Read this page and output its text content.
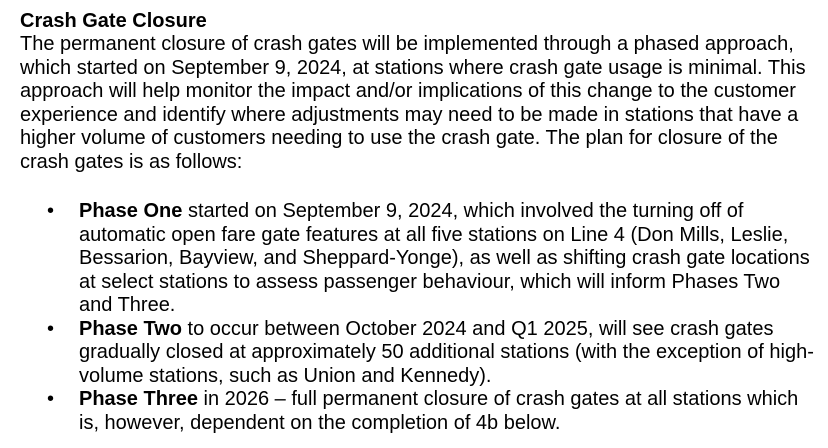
Crash Gate Closure

The permanent closure of crash gates will be implemented through a phased approach, which started on September 9, 2024, at stations where crash gate usage is minimal. This approach will help monitor the impact and/or implications of this change to the customer experience and identify where adjustments may need to be made in stations that have a higher volume of customers needing to use the crash gate. The plan for closure of the crash gates is as follows:

• Phase One started on September 9, 2024, which involved the turning off of automatic open fare gate features at all five stations on Line 4 (Don Mills, Leslie, Bessarion, Bayview, and Sheppard-Yonge), as well as shifting crash gate locations at select stations to assess passenger behaviour, which will inform Phases Two and Three.
• Phase Two to occur between October 2024 and Q1 2025, will see crash gates gradually closed at approximately 50 additional stations (with the exception of high-volume stations, such as Union and Kennedy).
• Phase Three in 2026 – full permanent closure of crash gates at all stations which is, however, dependent on the completion of 4b below.
